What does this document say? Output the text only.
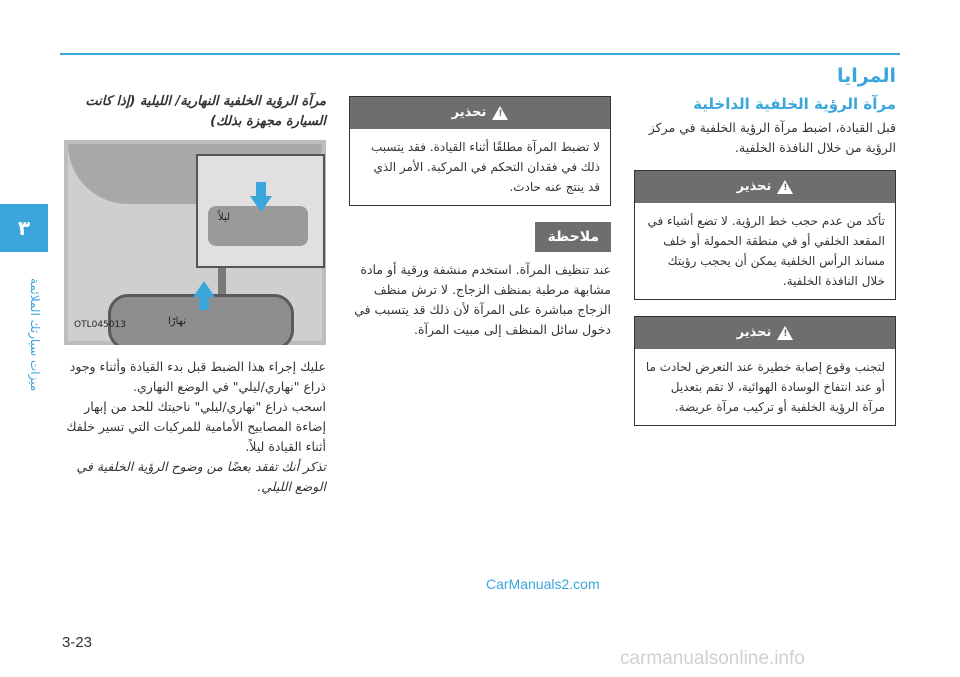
٣
ميزات سيارتك الملائمة
المرايا
مرآة الرؤية الخلفية الداخلية

قبل القيادة، اضبط مرآة الرؤية الخلفية في مركز الرؤية من خلال النافذة الخلفية.

!تحذير
تأكد من عدم حجب خط الرؤية. لا تضع أشياء في المقعد الخلفي أو في منطقة الحمولة أو خلف مساند الرأس الخلفية يمكن أن يحجب رؤيتك خلال النافذة الخلفية.
!تحذير
لتجنب وقوع إصابة خطيرة عند التعرض لحادث ما أو عند انتفاخ الوسادة الهوائية، لا تقم بتعديل مرآة الرؤية الخلفية أو تركيب مرآة عريضة.
!تحذير
لا تضبط المرآة مطلقًا أثناء القيادة. فقد يتسبب ذلك في فقدان التحكم في المركبة. الأمر الذي قد ينتج عنه حادث.
ملاحظة

عند تنظيف المرآة. استخدم منشفة ورقية أو مادة مشابهة مرطبة بمنظف الزجاج. لا ترش منظف الزجاج مباشرة على المرآة لأن ذلك قد يتسبب في دخول سائل المنظف إلى مبيت المرآة.

مرآة الرؤية الخلفية النهارية/ الليلية (إذا كانت السيارة مجهزة بذلك)
نهارًا
ليلاً
OTL045013

عليك إجراء هذا الضبط قبل بدء القيادة وأثناء وجود ذراع "نهاري/ليلي" في الوضع النهاري.

اسحب ذراع "نهاري/ليلي" ناحيتك للحد من إبهار إضاءة المصابيح الأمامية للمركبات التي تسير خلفك أثناء القيادة ليلاً.

تذكر أنك تفقد بعضًا من وضوح الرؤية الخلفية في الوضع الليلي.

CarManuals2.com
3-23
carmanualsonline.info
